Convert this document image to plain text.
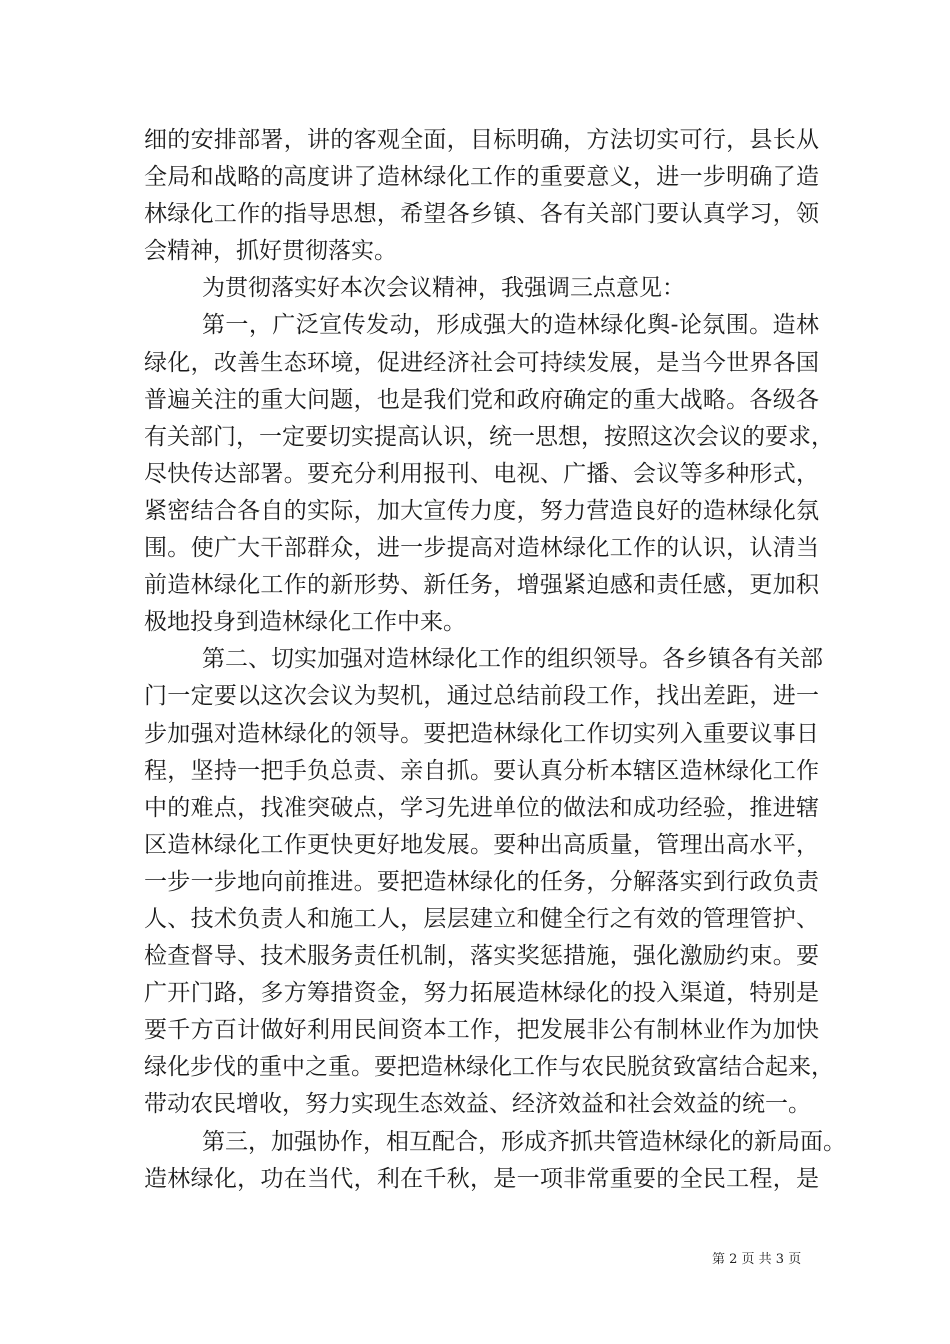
细的安排部署，讲的客观全面，目标明确，方法切实可行，县长从
全局和战略的高度讲了造林绿化工作的重要意义，进一步明确了造
林绿化工作的指导思想，希望各乡镇、各有关部门要认真学习，领
会精神，抓好贯彻落实。
为贯彻落实好本次会议精神，我强调三点意见：
第一，广泛宣传发动，形成强大的造林绿化舆-论氛围。造林
绿化，改善生态环境，促进经济社会可持续发展，是当今世界各国
普遍关注的重大问题，也是我们党和政府确定的重大战略。各级各
有关部门，一定要切实提高认识，统一思想，按照这次会议的要求，
尽快传达部署。要充分利用报刊、电视、广播、会议等多种形式，
紧密结合各自的实际，加大宣传力度，努力营造良好的造林绿化氛
围。使广大干部群众，进一步提高对造林绿化工作的认识，认清当
前造林绿化工作的新形势、新任务，增强紧迫感和责任感，更加积
极地投身到造林绿化工作中来。
第二、切实加强对造林绿化工作的组织领导。各乡镇各有关部
门一定要以这次会议为契机，通过总结前段工作，找出差距，进一
步加强对造林绿化的领导。要把造林绿化工作切实列入重要议事日
程，坚持一把手负总责、亲自抓。要认真分析本辖区造林绿化工作
中的难点，找准突破点，学习先进单位的做法和成功经验，推进辖
区造林绿化工作更快更好地发展。要种出高质量，管理出高水平，
一步一步地向前推进。要把造林绿化的任务，分解落实到行政负责
人、技术负责人和施工人，层层建立和健全行之有效的管理管护、
检查督导、技术服务责任机制，落实奖惩措施，强化激励约束。要
广开门路，多方筹措资金，努力拓展造林绿化的投入渠道，特别是
要千方百计做好利用民间资本工作，把发展非公有制林业作为加快
绿化步伐的重中之重。要把造林绿化工作与农民脱贫致富结合起来，
带动农民增收，努力实现生态效益、经济效益和社会效益的统一。
第三，加强协作，相互配合，形成齐抓共管造林绿化的新局面。
造林绿化，功在当代，利在千秋，是一项非常重要的全民工程，是
第 2 页 共 3 页
